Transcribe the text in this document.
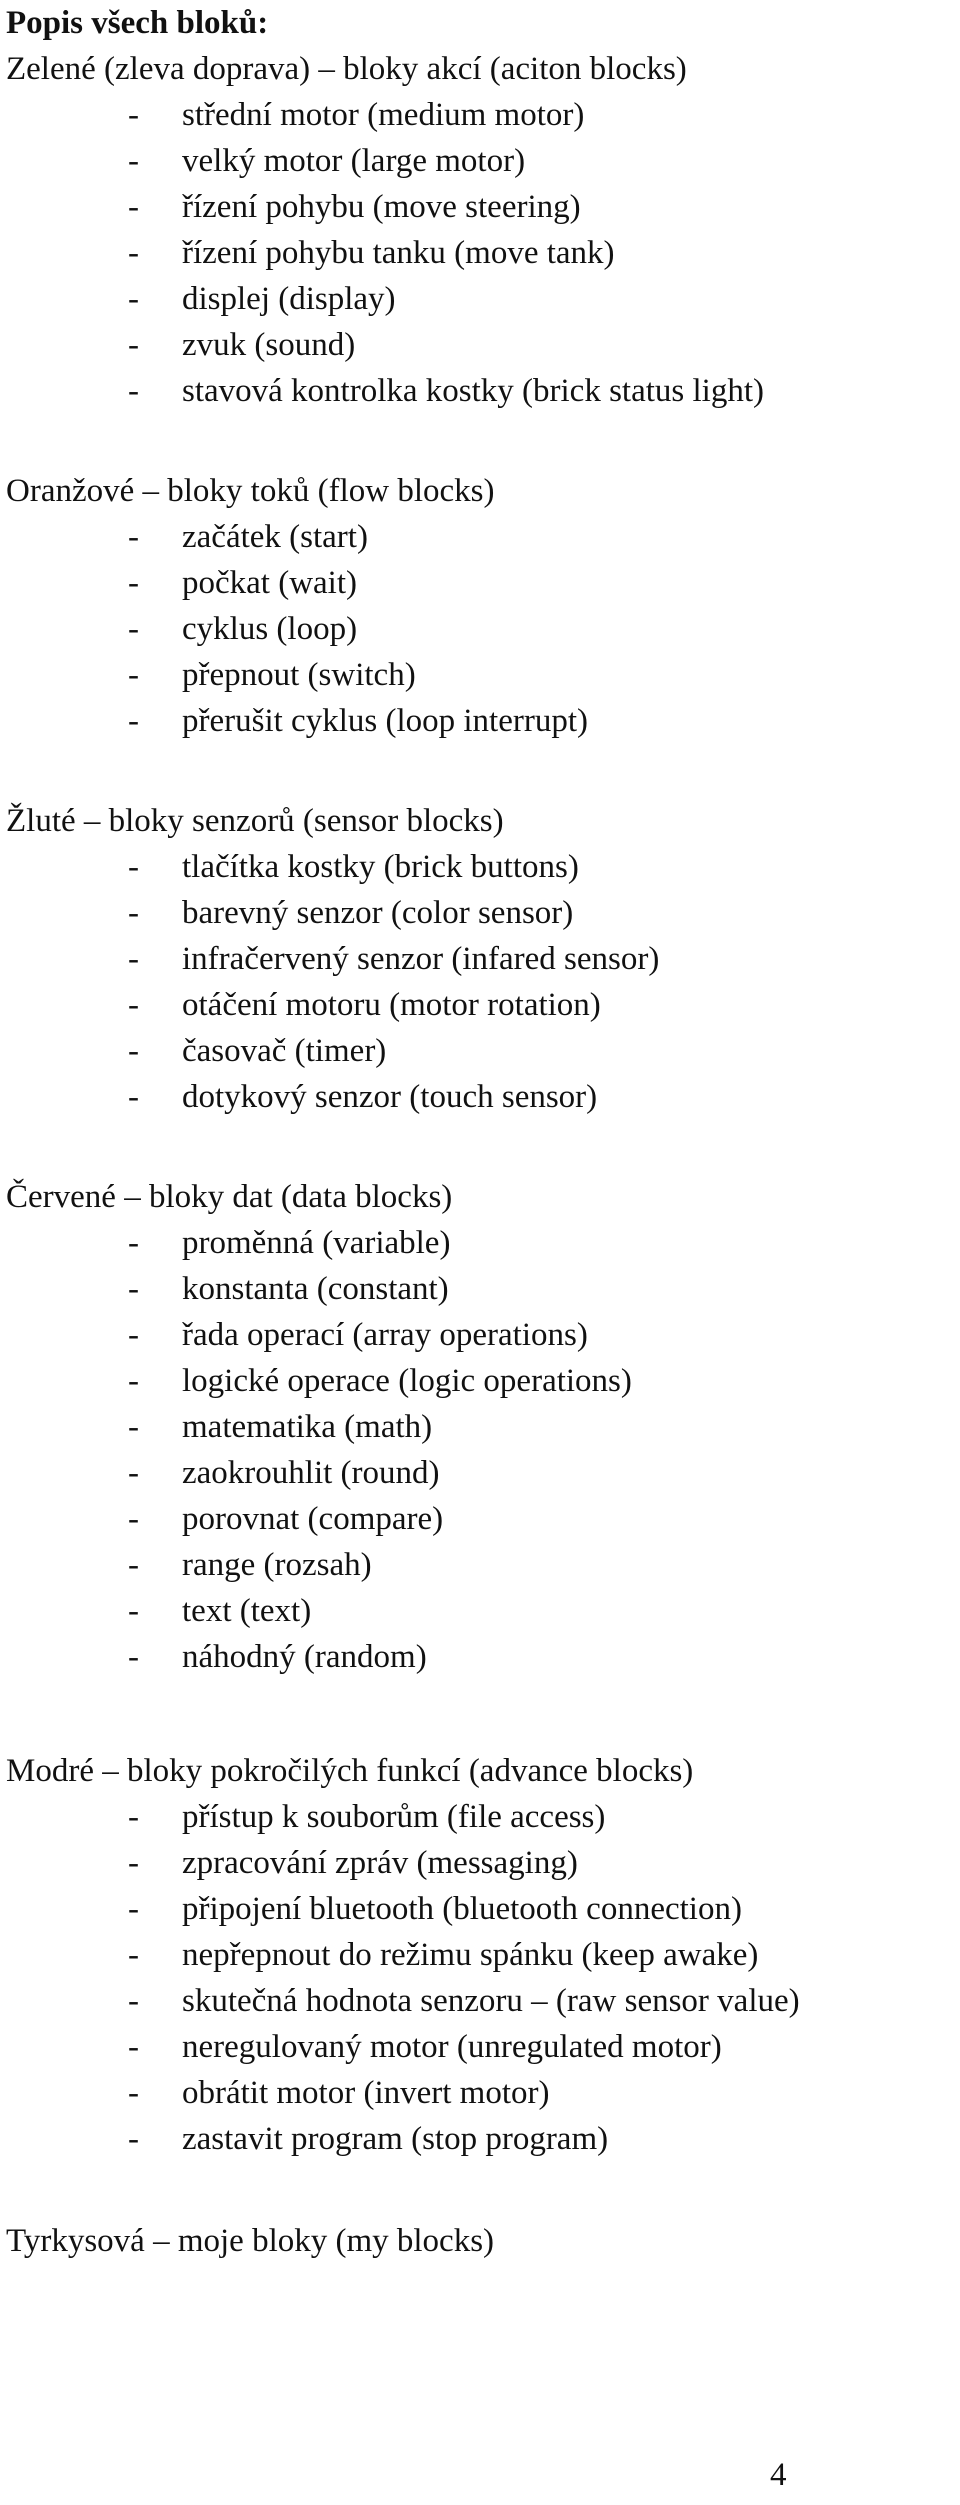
Popis všech bloků:
Zelené (zleva doprava) – bloky akcí (aciton blocks)
- střední motor (medium motor)
- velký motor (large motor)
- řízení pohybu (move steering)
- řízení pohybu tanku (move tank)
- displej (display)
- zvuk (sound)
- stavová kontrolka kostky (brick status light)
Oranžové – bloky toků (flow blocks)
- začátek (start)
- počkat (wait)
- cyklus (loop)
- přepnout (switch)
- přerušit cyklus (loop interrupt)
Žluté – bloky senzorů (sensor blocks)
- tlačítka kostky (brick buttons)
- barevný senzor (color sensor)
- infračervený senzor (infared sensor)
- otáčení motoru (motor rotation)
- časovač (timer)
- dotykový senzor (touch sensor)
Červené – bloky dat (data blocks)
- proměnná (variable)
- konstanta (constant)
- řada operací (array operations)
- logické operace (logic operations)
- matematika (math)
- zaokrouhlit (round)
- porovnat (compare)
- range (rozsah)
- text (text)
- náhodný (random)
Modré – bloky pokročilých funkcí (advance blocks)
- přístup k souborům (file access)
- zpracování zpráv (messaging)
- připojení bluetooth (bluetooth connection)
- nepřepnout do režimu spánku (keep awake)
- skutečná hodnota senzoru – (raw sensor value)
- neregulovaný motor (unregulated motor)
- obrátit motor (invert motor)
- zastavit program (stop program)
Tyrkysová – moje bloky (my blocks)
4
